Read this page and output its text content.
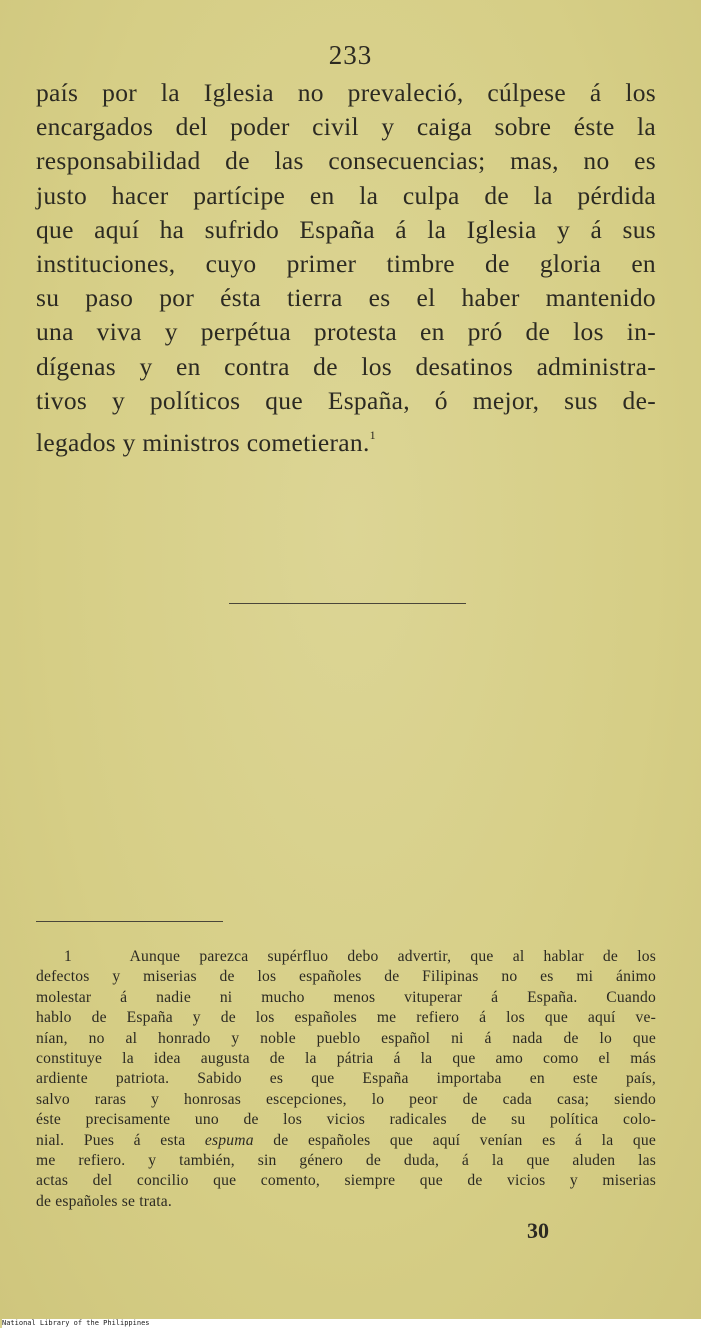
233
país por la Iglesia no prevaleció, cúlpese á los
encargados del poder civil y caiga sobre éste la
responsabilidad de las consecuencias; mas, no es
justo hacer partícipe en la culpa de la pérdida
que aquí ha sufrido España á la Iglesia y á sus
instituciones, cuyo primer timbre de gloria en
su paso por ésta tierra es el haber mantenido
una viva y perpétua protesta en pró de los in-
dígenas y en contra de los desatinos administra-
tivos y políticos que España, ó mejor, sus de-
legados y ministros cometieran.$^1$
1	Aunque parezca supérfluo debo advertir, que al hablar de los
defectos y miserias de los españoles de Filipinas no es mi ánimo
molestar á nadie ni mucho menos vituperar á España. Cuando
hablo de España y de los españoles me refiero á los que aquí ve-
nían, no al honrado y noble pueblo español ni á nada de lo que
constituye la idea augusta de la pátria á la que amo como el más
ardiente patriota. Sabido es que España importaba en este país,
salvo raras y honrosas escepciones, lo peor de cada casa; siendo
éste precisamente uno de los vicios radicales de su política colo-
nial. Pues á esta espuma de españoles que aquí venían es á la que
me refiero. y también, sin género de duda, á la que aluden las
actas del concilio que comento, siempre que de vicios y miserias
de españoles se trata.
30
National Library of the Philippines
